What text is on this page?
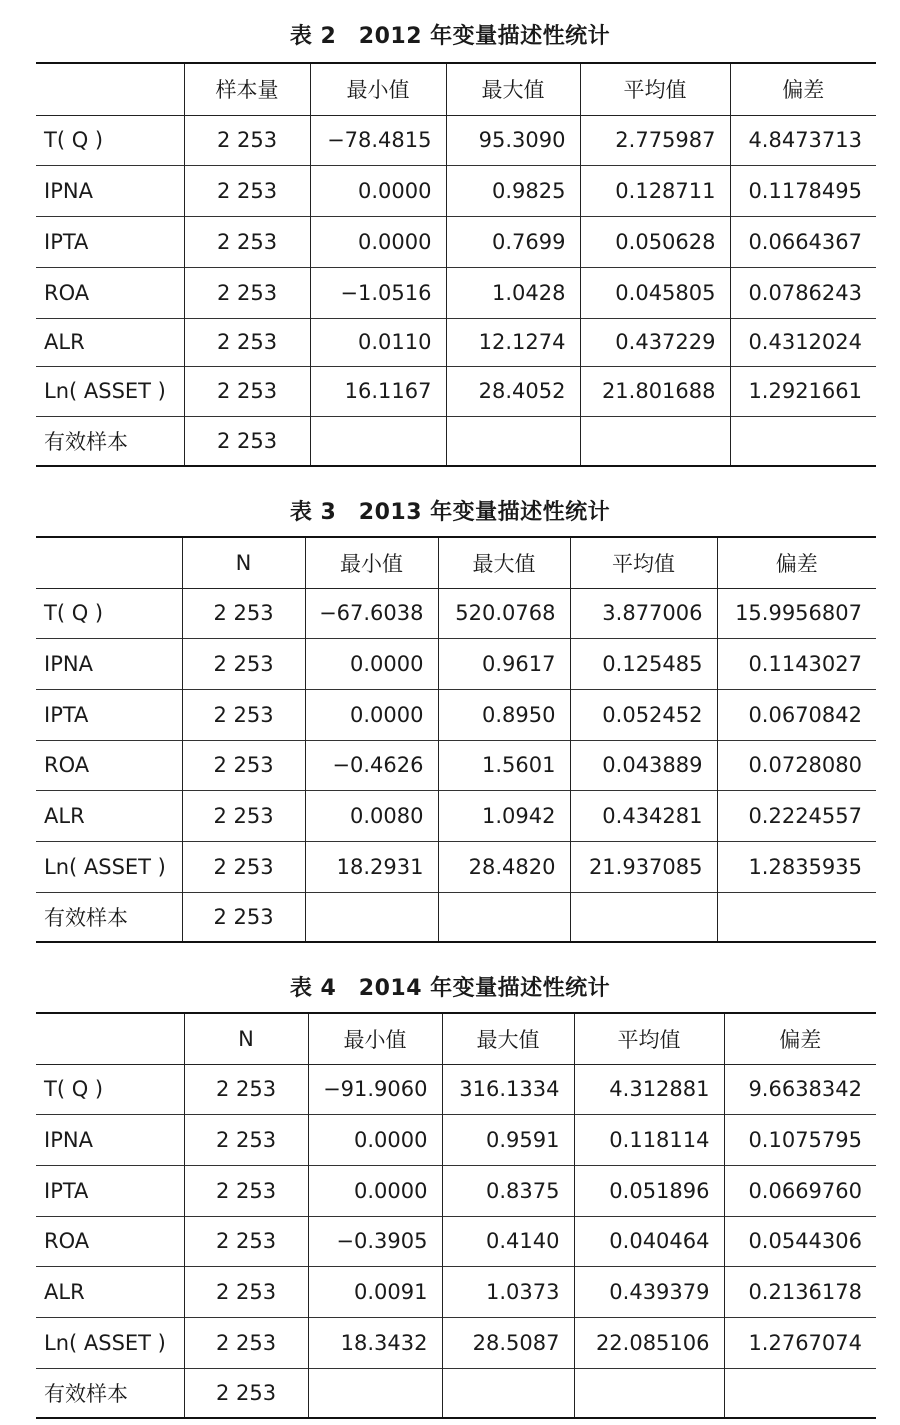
表 2　2012 年变量描述性统计
	样本量	最小值	最大值	平均值	偏差
T( Q )	2 253	−78.4815	95.3090	2.775987	4.8473713
IPNA	2 253	0.0000	0.9825	0.128711	0.1178495
IPTA	2 253	0.0000	0.7699	0.050628	0.0664367
ROA	2 253	−1.0516	1.0428	0.045805	0.0786243
ALR	2 253	0.0110	12.1274	0.437229	0.4312024
Ln( ASSET )	2 253	16.1167	28.4052	21.801688	1.2921661
有效样本	2 253				
表 3　2013 年变量描述性统计
	N	最小值	最大值	平均值	偏差
T( Q )	2 253	−67.6038	520.0768	3.877006	15.9956807
IPNA	2 253	0.0000	0.9617	0.125485	0.1143027
IPTA	2 253	0.0000	0.8950	0.052452	0.0670842
ROA	2 253	−0.4626	1.5601	0.043889	0.0728080
ALR	2 253	0.0080	1.0942	0.434281	0.2224557
Ln( ASSET )	2 253	18.2931	28.4820	21.937085	1.2835935
有效样本	2 253				
表 4　2014 年变量描述性统计
	N	最小值	最大值	平均值	偏差
T( Q )	2 253	−91.9060	316.1334	4.312881	9.6638342
IPNA	2 253	0.0000	0.9591	0.118114	0.1075795
IPTA	2 253	0.0000	0.8375	0.051896	0.0669760
ROA	2 253	−0.3905	0.4140	0.040464	0.0544306
ALR	2 253	0.0091	1.0373	0.439379	0.2136178
Ln( ASSET )	2 253	18.3432	28.5087	22.085106	1.2767074
有效样本	2 253				
